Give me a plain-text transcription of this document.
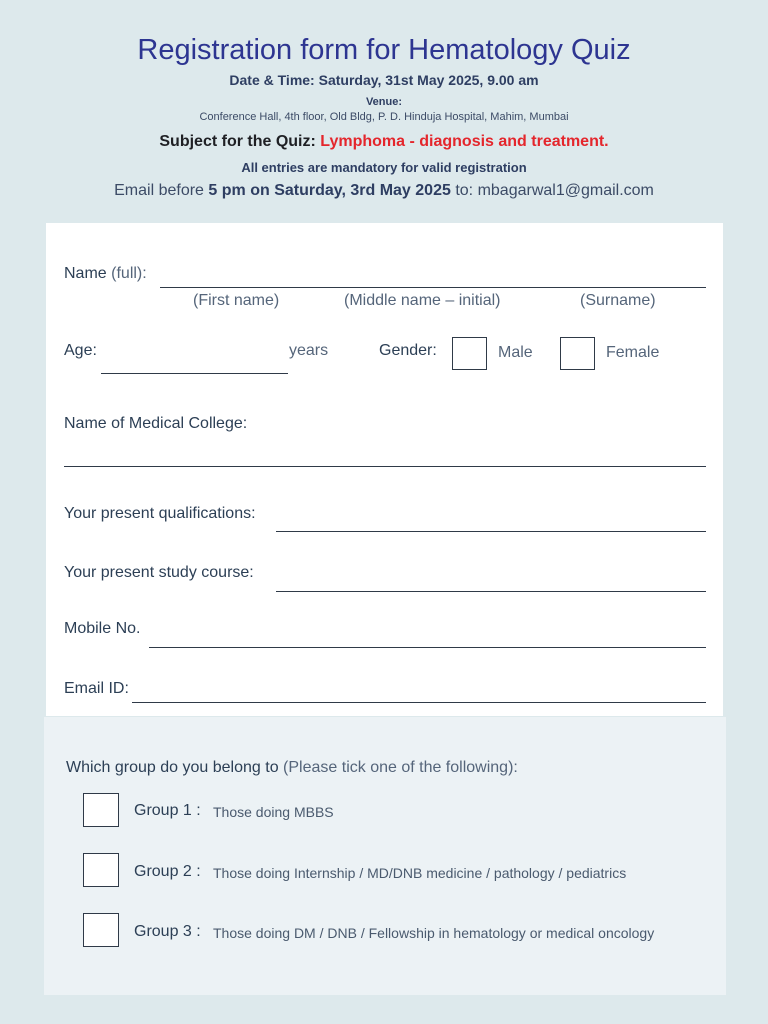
Registration form for Hematology Quiz
Date & Time: Saturday, 31st May 2025, 9.00 am
Venue:
Conference Hall, 4th floor, Old Bldg, P. D. Hinduja Hospital, Mahim, Mumbai
Subject for the Quiz: Lymphoma - diagnosis and treatment.
All entries are mandatory for valid registration
Email before 5 pm on Saturday, 3rd May 2025 to: mbagarwal1@gmail.com
Name (full):
(First name)	(Middle name – initial)	(Surname)
Age:	years	Gender:	Male	Female
Name of Medical College:
Your present qualifications:
Your present study course:
Mobile No.
Email ID:
Which group do you belong to (Please tick one of the following):
Group 1 : Those doing MBBS
Group 2 : Those doing Internship / MD/DNB medicine / pathology / pediatrics
Group 3 : Those doing DM / DNB / Fellowship in hematology or medical oncology
